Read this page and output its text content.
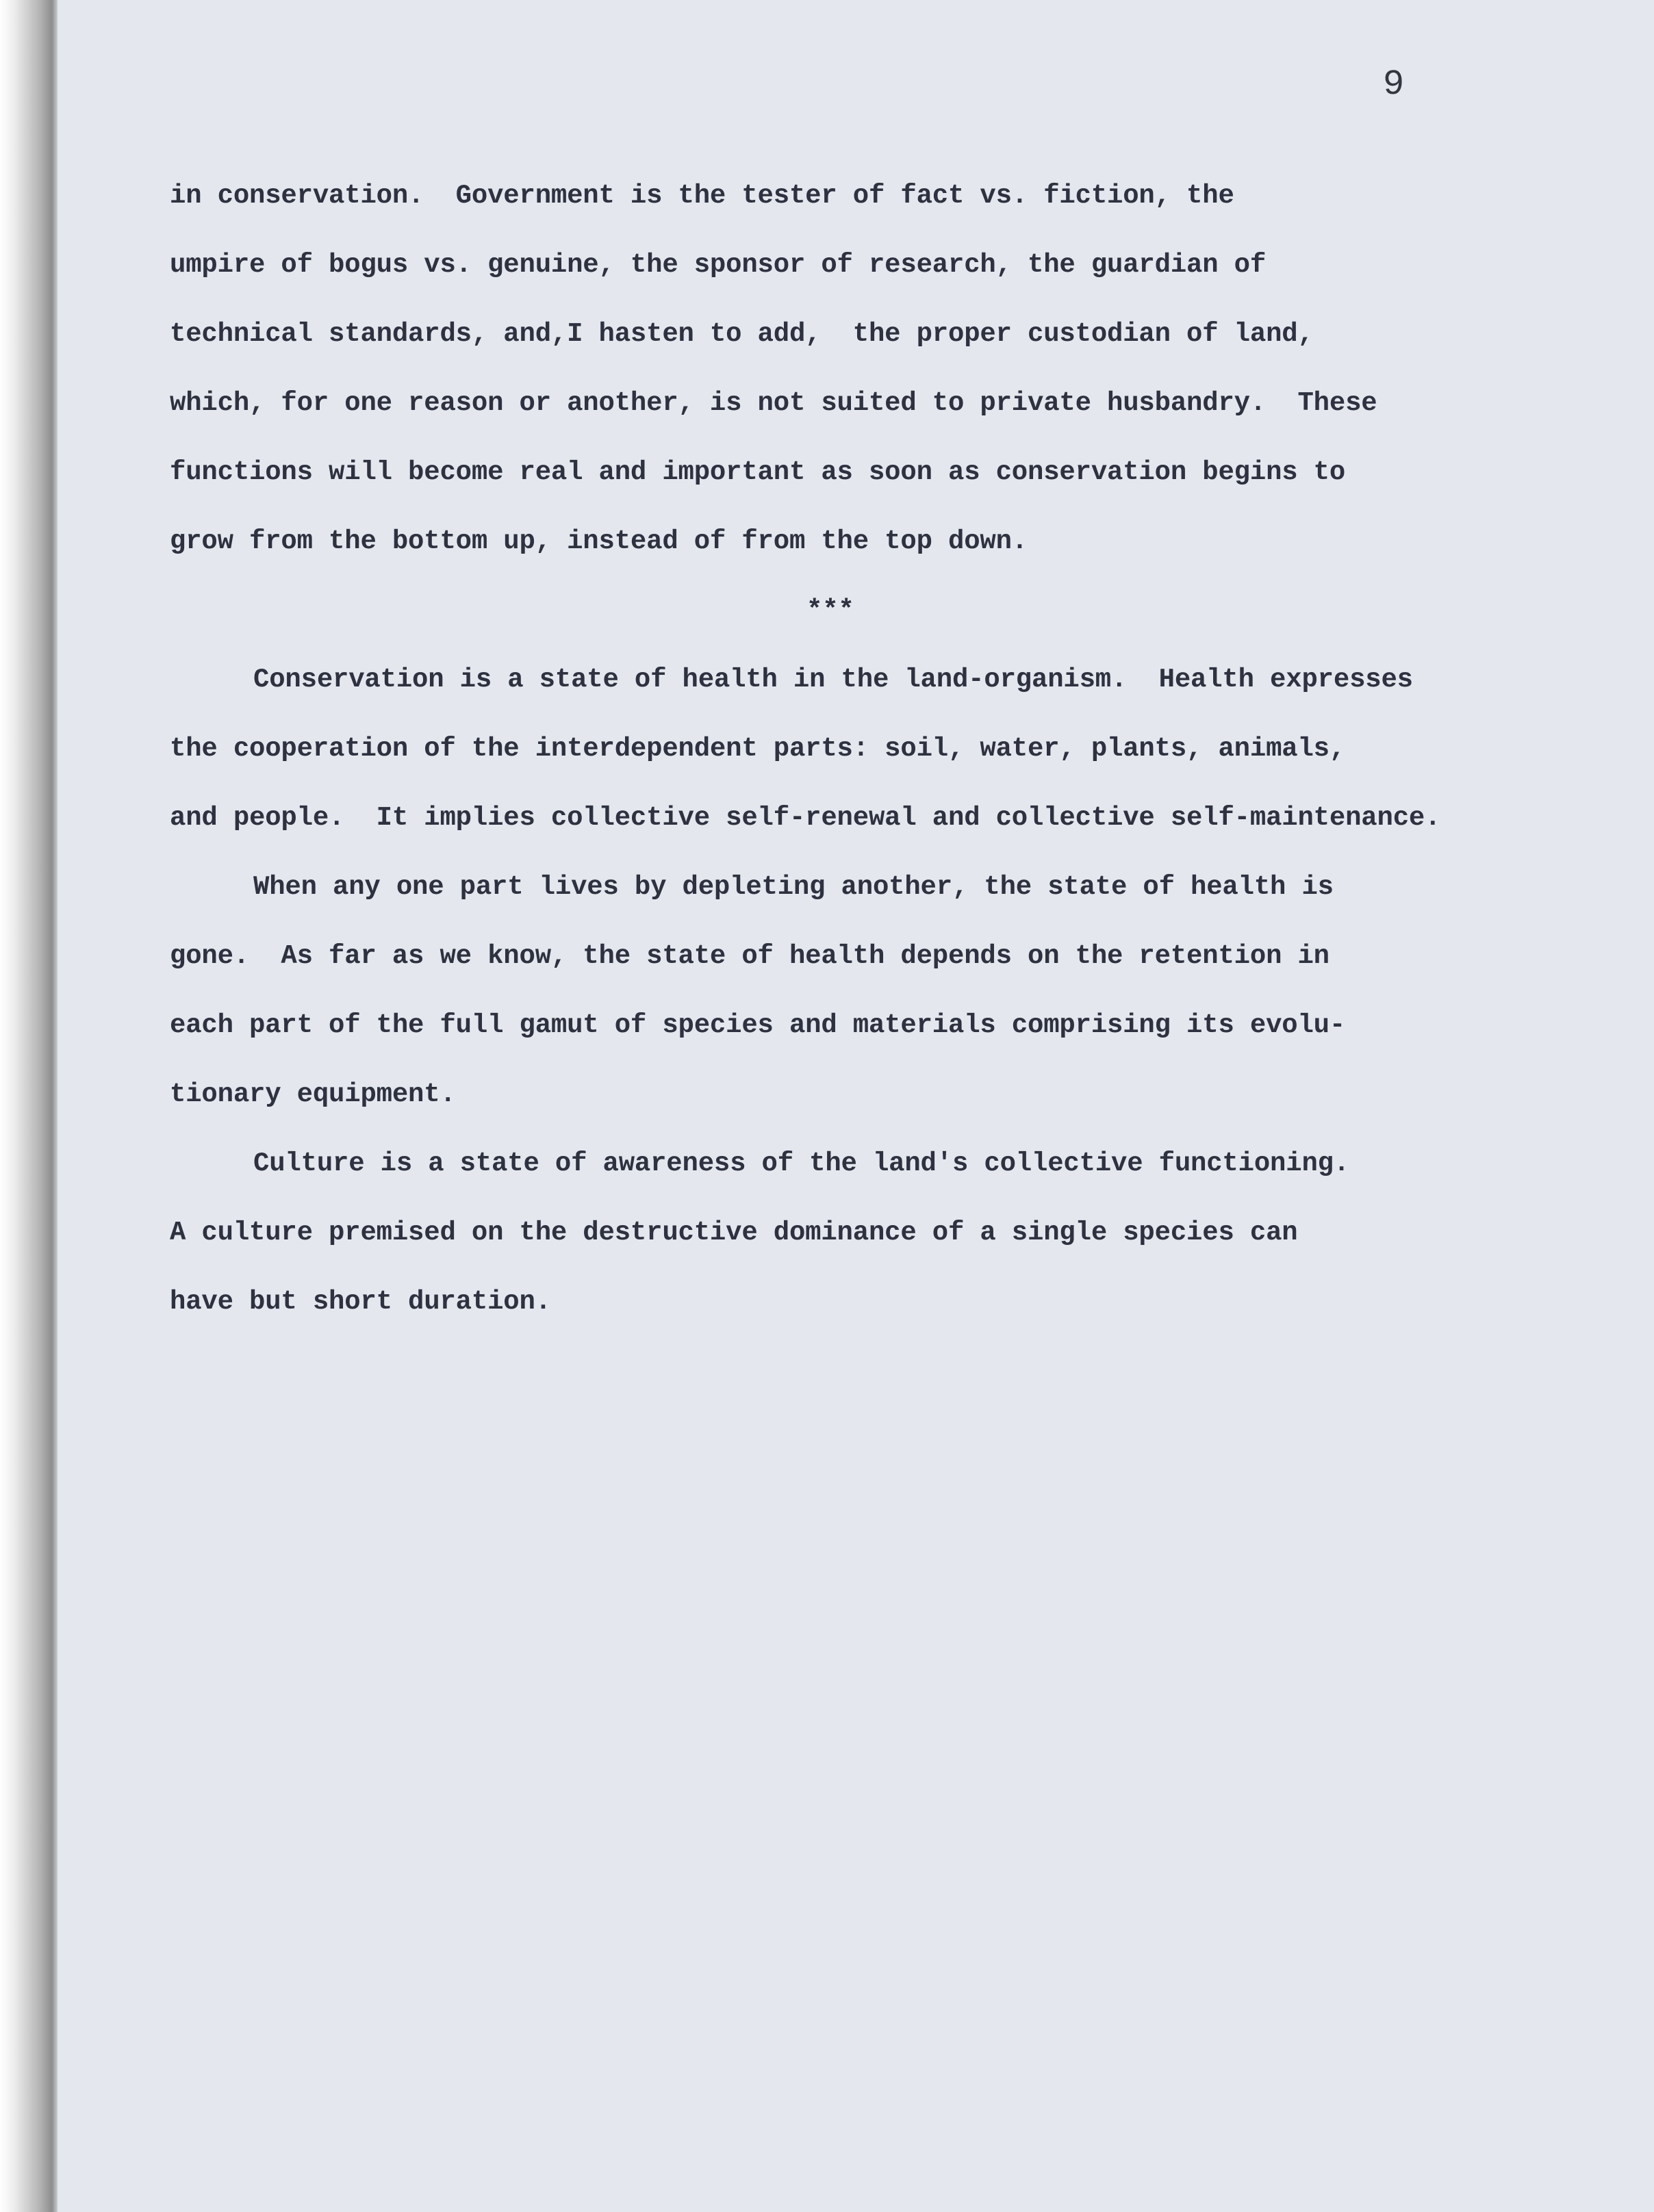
9
in conservation.  Government is the tester of fact vs. fiction, the
umpire of bogus vs. genuine, the sponsor of research, the guardian of
technical standards, and,I hasten to add,  the proper custodian of land,
which, for one reason or another, is not suited to private husbandry.  These
functions will become real and important as soon as conservation begins to
grow from the bottom up, instead of from the top down.
***
Conservation is a state of health in the land-organism.  Health expresses
the cooperation of the interdependent parts: soil, water, plants, animals,
and people.  It implies collective self-renewal and collective self-maintenance.
When any one part lives by depleting another, the state of health is
gone.  As far as we know, the state of health depends on the retention in
each part of the full gamut of species and materials comprising its evolu-
tionary equipment.
Culture is a state of awareness of the land's collective functioning.
A culture premised on the destructive dominance of a single species can
have but short duration.
